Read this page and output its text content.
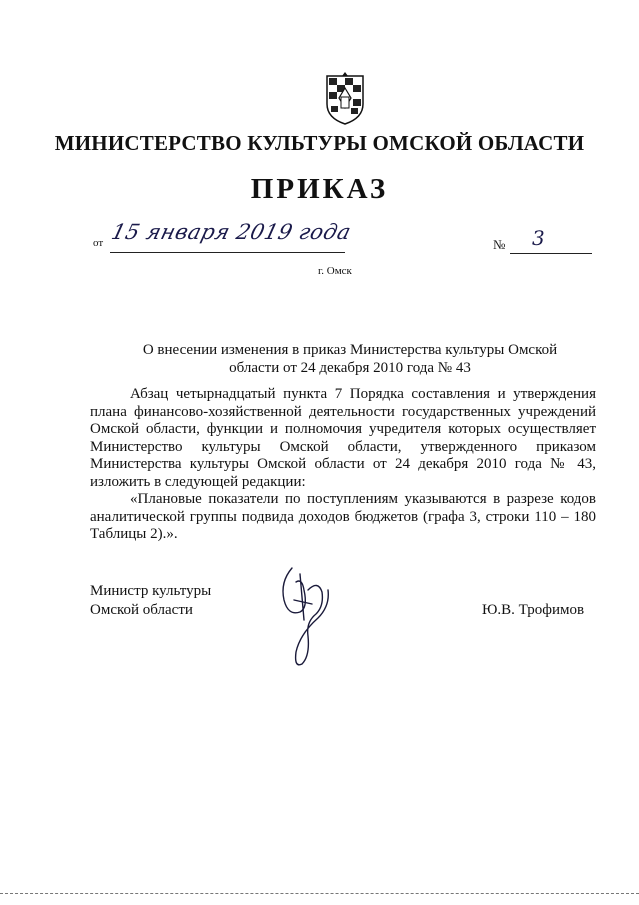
МИНИСТЕРСТВО КУЛЬТУРЫ ОМСКОЙ ОБЛАСТИ
ПРИКАЗ
от 15 января 2019 года
№ 3
г. Омск
О внесении изменения в приказ Министерства культуры Омской области от 24 декабря 2010 года № 43

Абзац четырнадцатый пункта 7 Порядка составления и утверждения плана финансово-хозяйственной деятельности государственных учреждений Омской области, функции и полномочия учредителя которых осуществляет Министерство культуры Омской области, утвержденного приказом Министерства культуры Омской области от 24 декабря 2010 года № 43, изложить в следующей редакции:

«Плановые показатели по поступлениям указываются в разрезе кодов аналитической группы подвида доходов бюджетов (графа 3, строки 110 – 180 Таблицы 2).».

Министр культуры
Омской области	Ю.В. Трофимов
